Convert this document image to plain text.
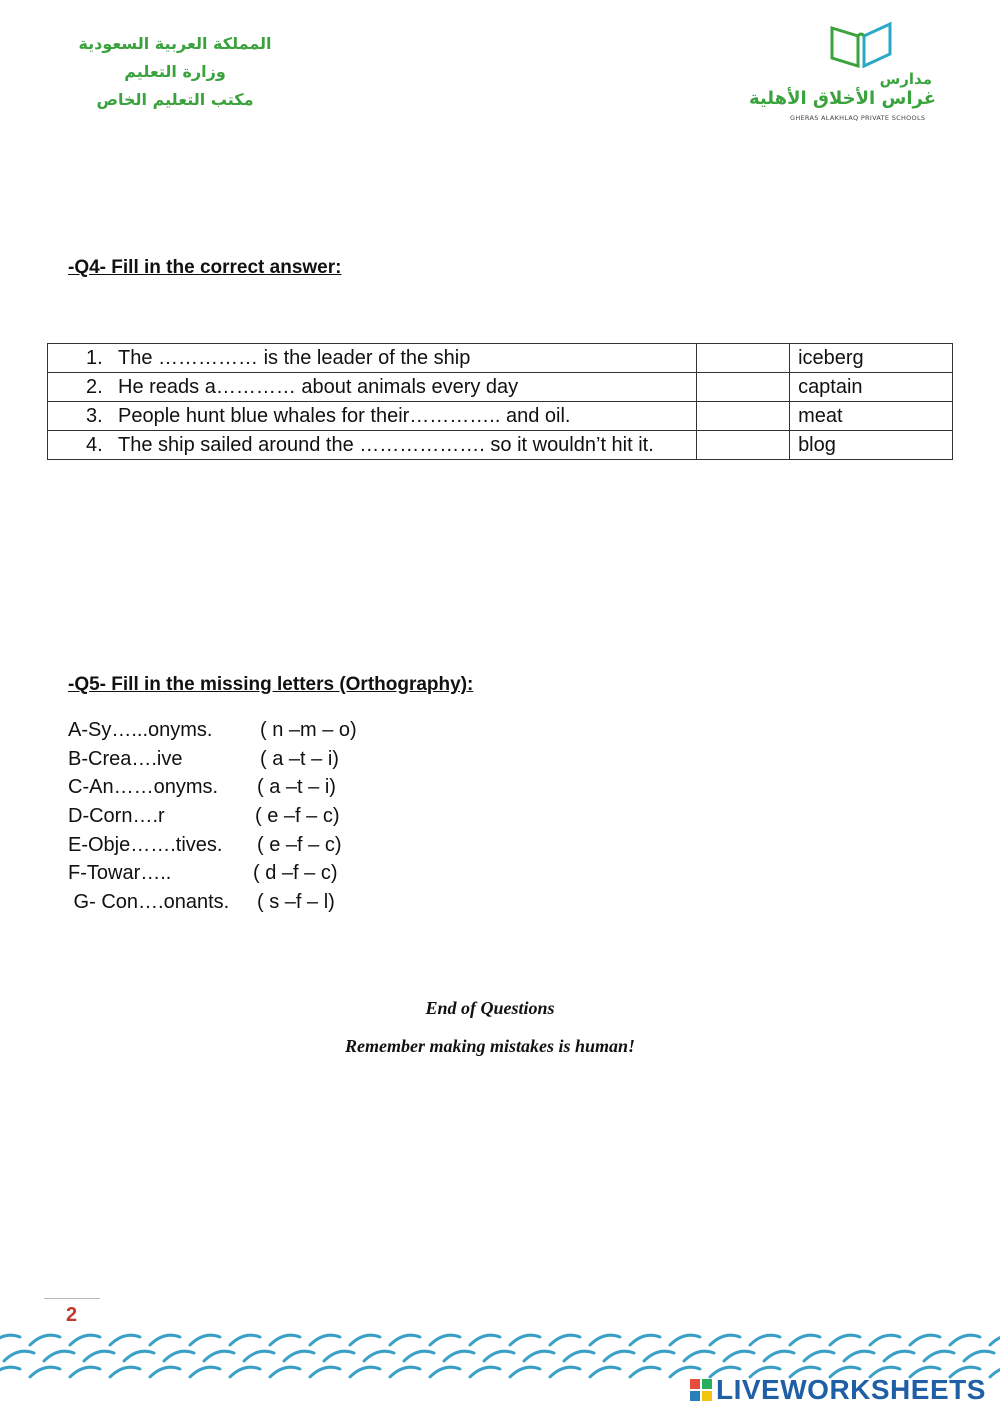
المملكة العربية السعودية
وزارة التعليم
مكتب التعليم الخاص
مدارس
غراس الأخلاق الأهلية
GHERAS ALAKHLAQ PRIVATE SCHOOLS
-Q4- Fill in the correct answer:
1. The …………… is the leader of the ship		iceberg
2. He reads a………… about animals every day		captain
3. People hunt blue whales for their………….. and oil.		meat
4. The ship sailed around the ………………. so it wouldn’t hit it.		blog
-Q5- Fill in the missing letters (Orthography):
A-Sy…...onyms. ( n –m – o)
B-Crea….ive	( a –t – i)
C-An……onyms. ( a –t – i)
D-Corn….r	( e –f – c)
E-Obje…….tives. ( e –f – c)
F-Towar…..	( d –f – c)
G- Con….onants. ( s –f – l)
End of Questions
Remember making mistakes is human!
2
LIVEWORKSHEETS
